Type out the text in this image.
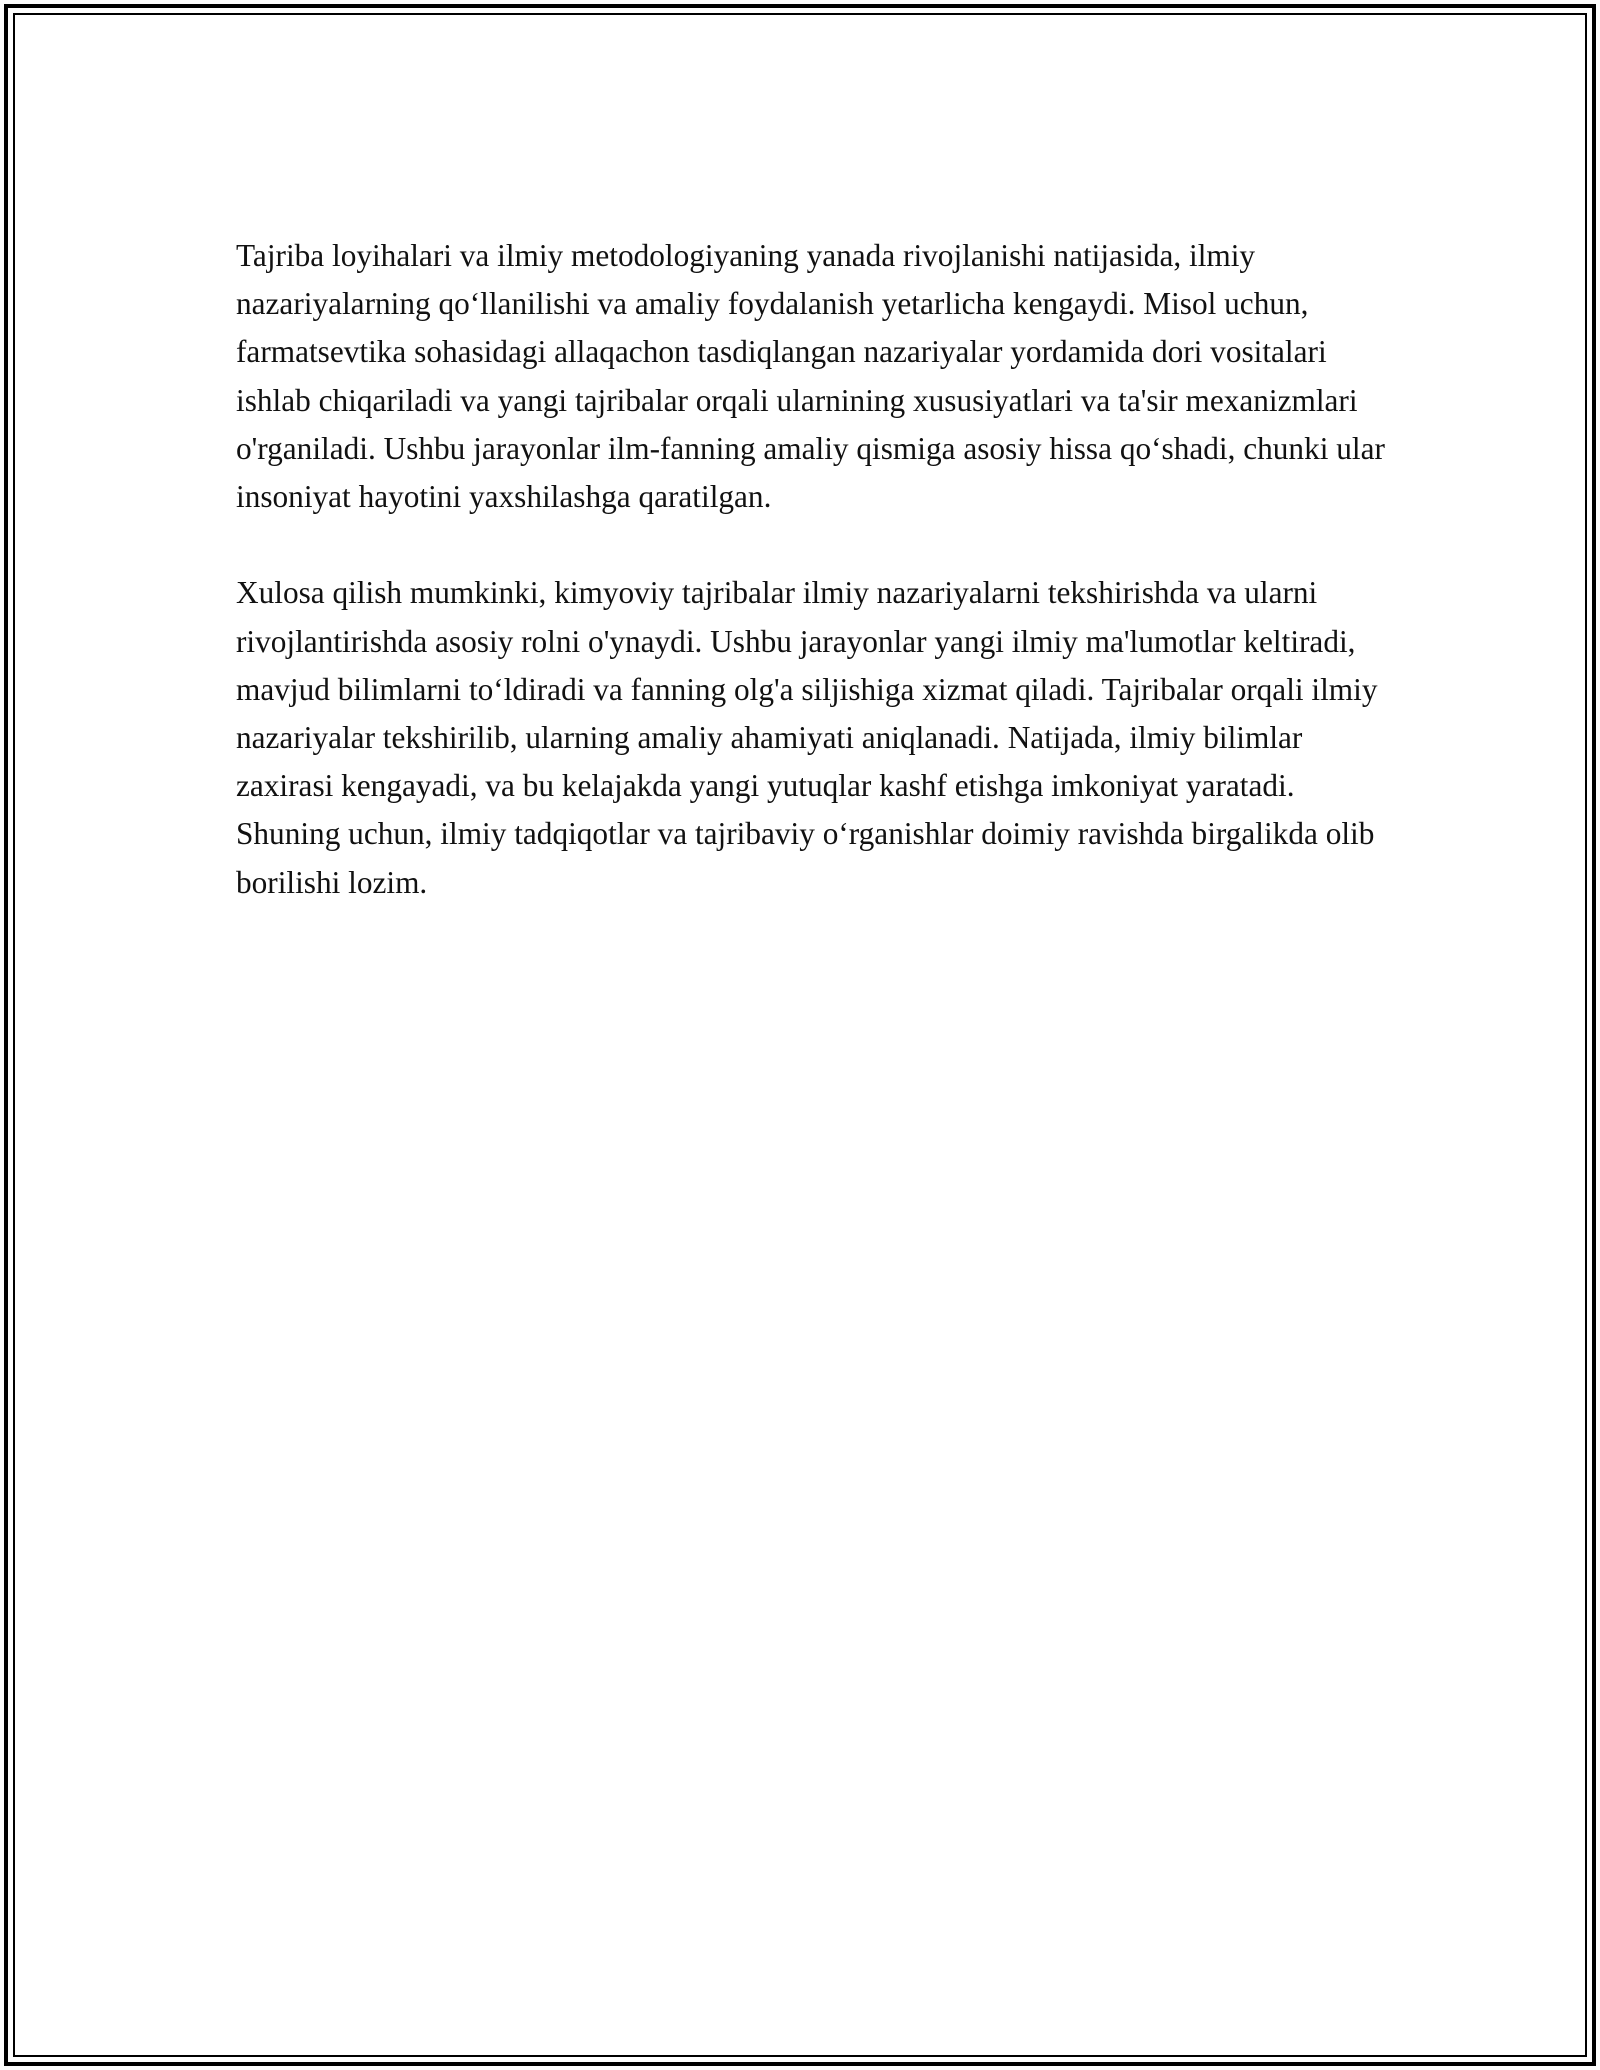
Tajriba loyihalari va ilmiy metodologiyaning yanada rivojlanishi natijasida, ilmiy nazariyalarning qo‘llanilishi va amaliy foydalanish yetarlicha kengaydi. Misol uchun, farmatsevtika sohasidagi allaqachon tasdiqlangan nazariyalar yordamida dori vositalari ishlab chiqariladi va yangi tajribalar orqali ularnining xususiyatlari va ta'sir mexanizmlari o'rganiladi. Ushbu jarayonlar ilm-fanning amaliy qismiga asosiy hissa qo‘shadi, chunki ular insoniyat hayotini yaxshilashga qaratilgan.

Xulosa qilish mumkinki, kimyoviy tajribalar ilmiy nazariyalarni tekshirishda va ularni rivojlantirishda asosiy rolni o'ynaydi. Ushbu jarayonlar yangi ilmiy ma'lumotlar keltiradi, mavjud bilimlarni to‘ldiradi va fanning olg'a siljishiga xizmat qiladi. Tajribalar orqali ilmiy nazariyalar tekshirilib, ularning amaliy ahamiyati aniqlanadi. Natijada, ilmiy bilimlar zaxirasi kengayadi, va bu kelajakda yangi yutuqlar kashf etishga imkoniyat yaratadi. Shuning uchun, ilmiy tadqiqotlar va tajribaviy o‘rganishlar doimiy ravishda birgalikda olib borilishi lozim.
